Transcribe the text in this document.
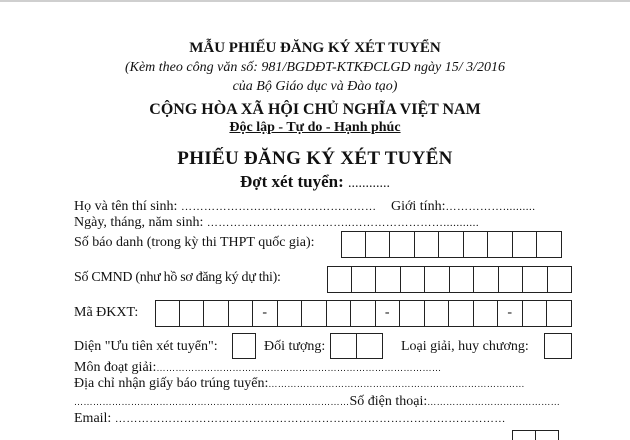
MẪU PHIẾU ĐĂNG KÝ XÉT TUYỂN
(Kèm theo công văn số: 981/BGDĐT-KTKĐCLGD ngày 15/ 3/2016
của Bộ Giáo dục và Đào tạo)
CỘNG HÒA XÃ HỘI CHỦ NGHĨA VIỆT NAM
Độc lập - Tự do - Hạnh phúc
PHIẾU ĐĂNG KÝ XÉT TUYỂN
Đợt xét tuyển: ............
Họ và tên thí sinh: …………………………………………… Giới tính:……………..........
Ngày, tháng, năm sinh: ………………………………..……………………...........
Số báo danh (trong kỳ thi THPT quốc gia):
Số CMND (như hồ sơ đăng ký dự thi):
Mã ĐKXT:	-	-	-
Diện "Ưu tiên xét tuyển":	Đối tượng:	Loại giải, huy chương:
Môn đoạt giải:………………………………………………………………………………
Địa chỉ nhận giấy báo trúng tuyển:………………………………………………………………………
……………………………………………………………………………Số điện thoại:……………………………………
Email: …………………………………………………………………………………………
